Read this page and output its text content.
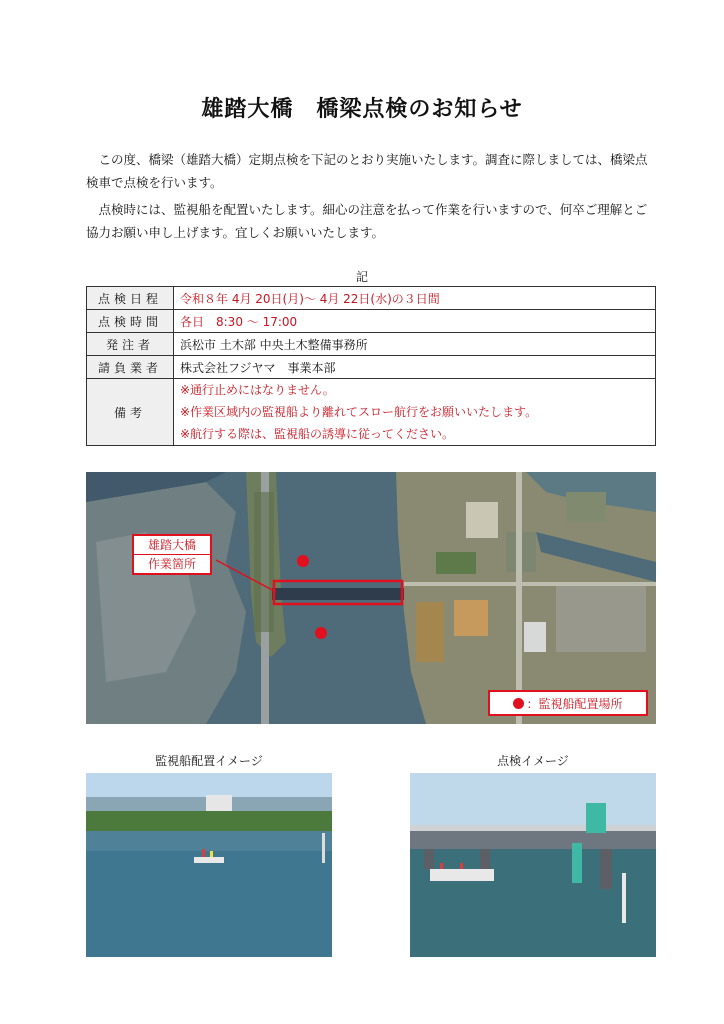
雄踏大橋　橋梁点検のお知らせ
　この度、橋梁（雄踏大橋）定期点検を下記のとおり実施いたします。調査に際しましては、橋梁点検車で点検を行います。
　点検時には、監視船を配置いたします。細心の注意を払って作業を行いますので、何卒ご理解とご協力お願い申し上げます。宜しくお願いいたします。
記
点検日程	令和８年 4月 20日(月)～ 4月 22日(水)の３日間
点検時間	各日　8:30 ～ 17:00
発注者	浜松市 土木部 中央土木整備事務所
請負業者	株式会社フジヤマ　事業本部
備考	※通行止めにはなりません。
※作業区域内の監視船より離れてスロー航行をお願いいたします。
※航行する際は、監視船の誘導に従ってください。
雄踏大橋
作業箇所
：監視船配置場所
監視船配置イメージ	点検イメージ
